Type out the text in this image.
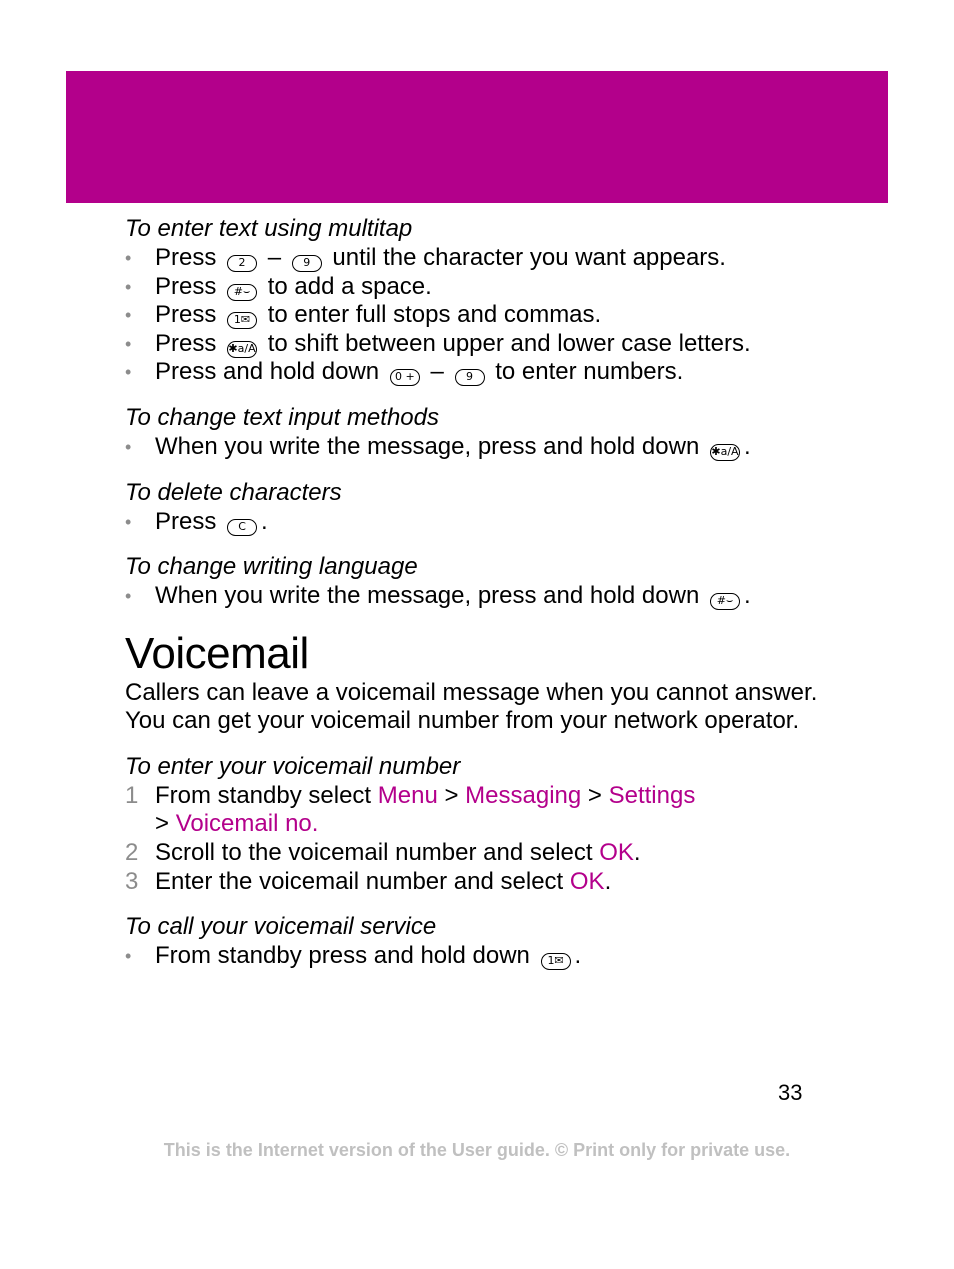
To enter text using multitap
• Press 2 – 9 until the character you want appears.
• Press #⌣ to add a space.
• Press 1✉ to enter full stops and commas.
• Press ✱a/A to shift between upper and lower case letters.
• Press and hold down 0 + – 9 to enter numbers.
To change text input methods
• When you write the message, press and hold down ✱a/A .
To delete characters
• Press C .
To change writing language
• When you write the message, press and hold down #⌣ .
Voicemail

Callers can leave a voicemail message when you cannot answer. You can get your voicemail number from your network operator.

To enter your voicemail number
1 From standby select Menu > Messaging > Settings
> Voicemail no.
2 Scroll to the voicemail number and select OK.
3 Enter the voicemail number and select OK.
To call your voicemail service
• From standby press and hold down 1✉ .
33
This is the Internet version of the User guide. © Print only for private use.
